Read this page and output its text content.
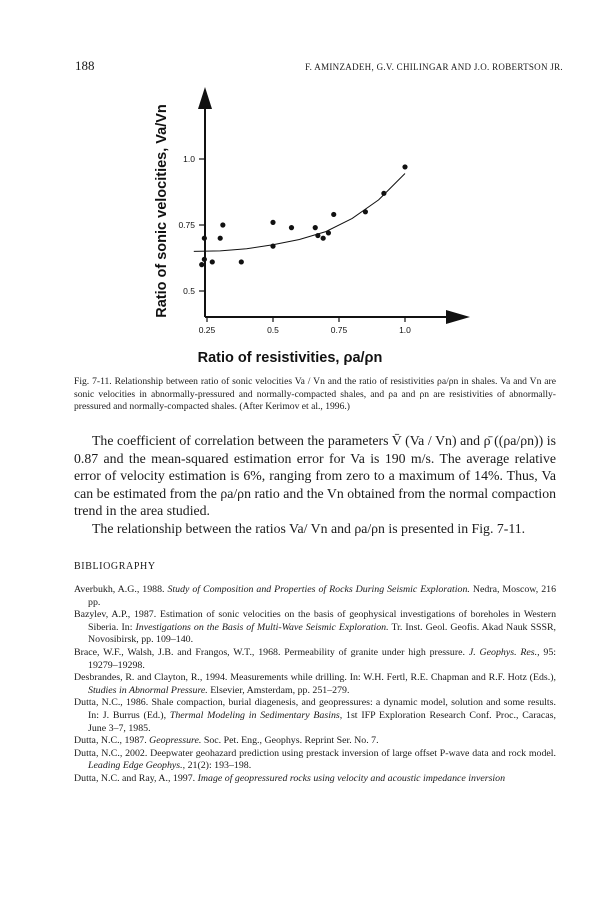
188	F. AMINZADEH, G.V. CHILINGAR AND J.O. ROBERTSON JR.
0.5
0.75
1.0
0.25	0.5	0.75	1.0
Ratio of resistivities, ρa/ρn
Ratio of sonic velocities, Va/Vn
Fig. 7-11. Relationship between ratio of sonic velocities Va / Vn and the ratio of resistivities ρa/ρn in shales. Va and Vn are sonic velocities in abnormally-pressured and normally-compacted shales, and ρa and ρn are resistivities of abnormally-pressured and normally-compacted shales. (After Kerimov et al., 1996.)

The coefficient of correlation between the parameters V̄ (Va / Vn) and ρ̄ ((ρa/ρn)) is 0.87 and the mean-squared estimation error for Va is 190 m/s. The average relative error of velocity estimation is 6%, ranging from zero to a maximum of 14%. Thus, Va can be estimated from the ρa/ρn ratio and the Vn obtained from the normal compaction trend in the area studied.

The relationship between the ratios Va/ Vn and ρa/ρn is presented in Fig. 7-11.

BIBLIOGRAPHY

Averbukh, A.G., 1988. Study of Composition and Properties of Rocks During Seismic Exploration. Nedra, Moscow, 216 pp.

Bazylev, A.P., 1987. Estimation of sonic velocities on the basis of geophysical investigations of boreholes in Western Siberia. In: Investigations on the Basis of Multi-Wave Seismic Exploration. Tr. Inst. Geol. Geofis. Akad Nauk SSSR, Novosibirsk, pp. 109–140.

Brace, W.F., Walsh, J.B. and Frangos, W.T., 1968. Permeability of granite under high pressure. J. Geophys. Res., 95: 19279–19298.

Desbrandes, R. and Clayton, R., 1994. Measurements while drilling. In: W.H. Fertl, R.E. Chapman and R.F. Hotz (Eds.), Studies in Abnormal Pressure. Elsevier, Amsterdam, pp. 251–279.

Dutta, N.C., 1986. Shale compaction, burial diagenesis, and geopressures: a dynamic model, solution and some results. In: J. Burrus (Ed.), Thermal Modeling in Sedimentary Basins, 1st IFP Exploration Research Conf. Proc., Caracas, June 3–7, 1985.

Dutta, N.C., 1987. Geopressure. Soc. Pet. Eng., Geophys. Reprint Ser. No. 7.

Dutta, N.C., 2002. Deepwater geohazard prediction using prestack inversion of large offset P-wave data and rock model. Leading Edge Geophys., 21(2): 193–198.

Dutta, N.C. and Ray, A., 1997. Image of geopressured rocks using velocity and acoustic impedance inversion
